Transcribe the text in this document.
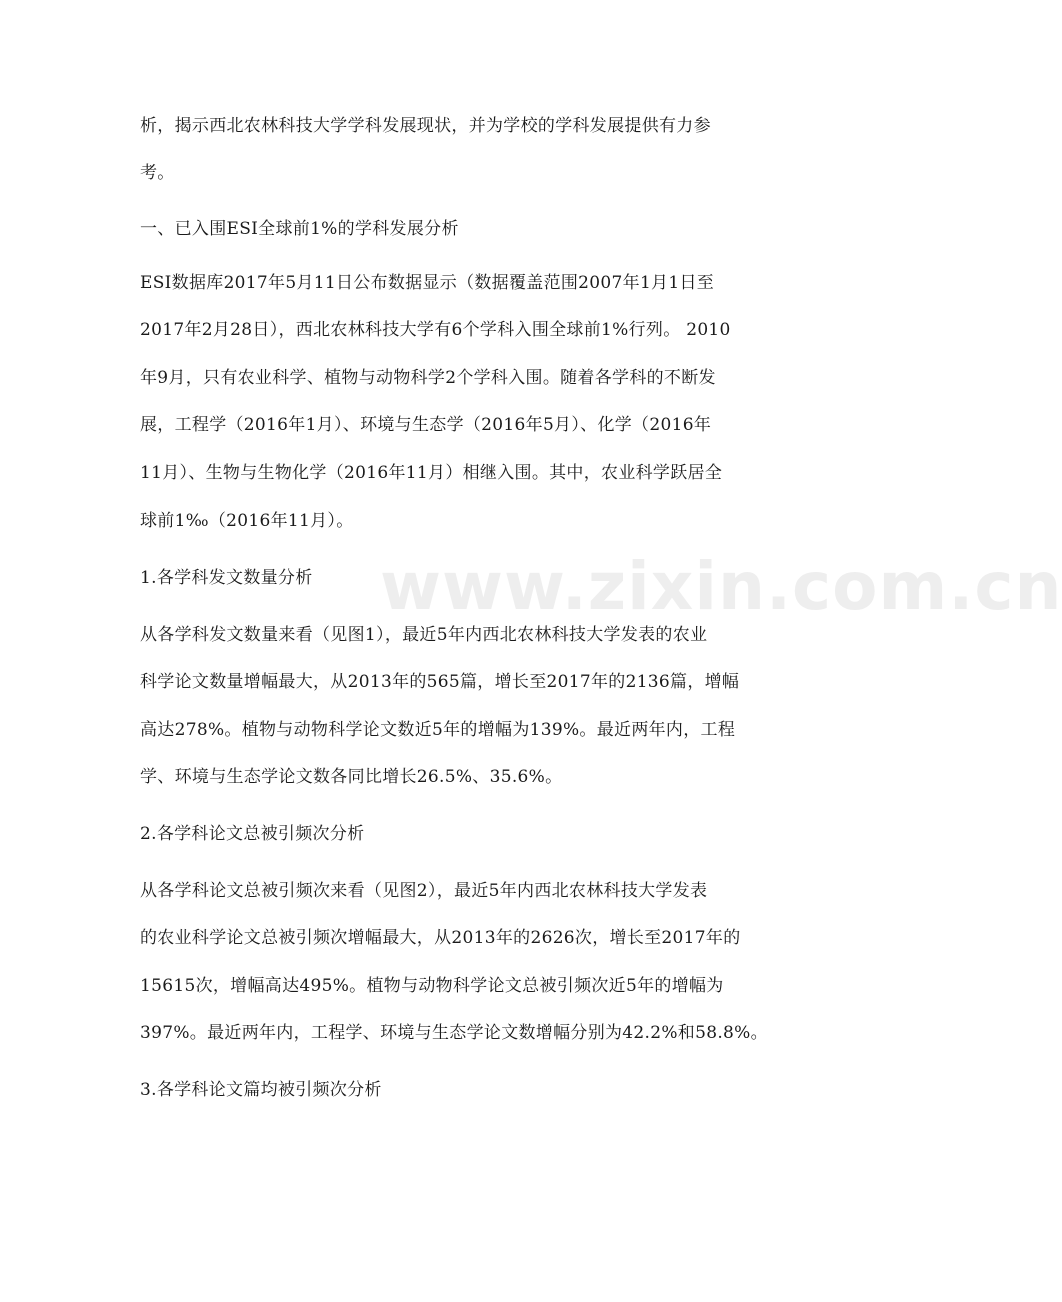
www.zixin.com.cn
析，揭示西北农林科技大学学科发展现状，并为学校的学科发展提供有力参
考。
一、已入围ESI全球前1%的学科发展分析
ESI数据库2017年5月11日公布数据显示（数据覆盖范围2007年1月1日至
2017年2月28日），西北农林科技大学有6个学科入围全球前1%行列。 2010
年9月，只有农业科学、植物与动物科学2个学科入围。随着各学科的不断发
展，工程学（2016年1月）、环境与生态学（2016年5月）、化学（2016年
11月）、生物与生物化学（2016年11月）相继入围。其中，农业科学跃居全
球前1‰（2016年11月）。
1.各学科发文数量分析
从各学科发文数量来看（见图1），最近5年内西北农林科技大学发表的农业
科学论文数量增幅最大，从2013年的565篇，增长至2017年的2136篇，增幅
高达278%。植物与动物科学论文数近5年的增幅为139%。最近两年内，工程
学、环境与生态学论文数各同比增长26.5%、35.6%。
2.各学科论文总被引频次分析
从各学科论文总被引频次来看（见图2），最近5年内西北农林科技大学发表
的农业科学论文总被引频次增幅最大，从2013年的2626次，增长至2017年的
15615次，增幅高达495%。植物与动物科学论文总被引频次近5年的增幅为
397%。最近两年内，工程学、环境与生态学论文数增幅分别为42.2%和58.8%。
3.各学科论文篇均被引频次分析
